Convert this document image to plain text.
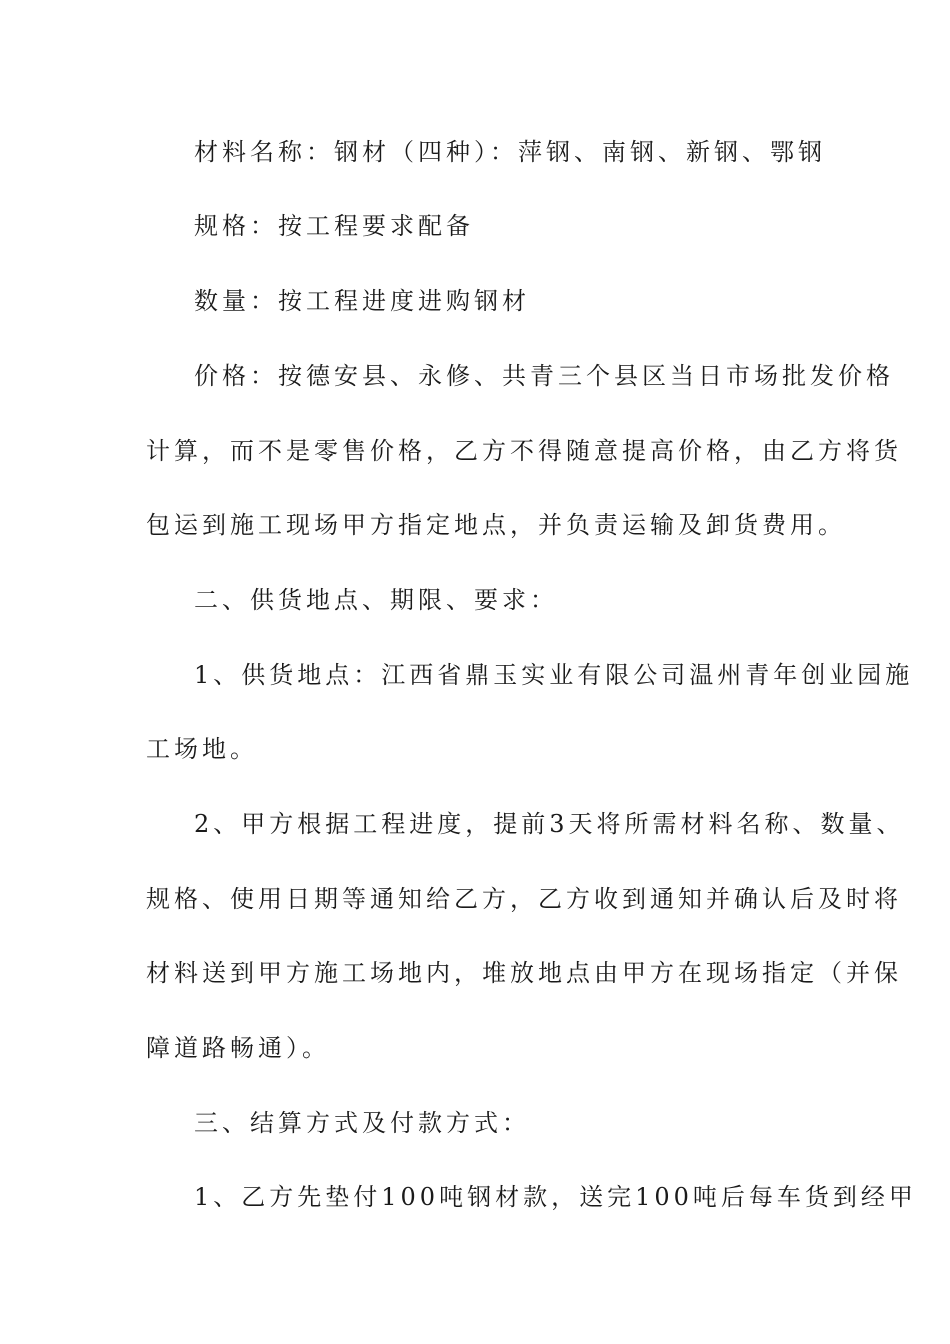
材料名称：钢材（四种）：萍钢、南钢、新钢、鄂钢
规格：按工程要求配备
数量：按工程进度进购钢材
价格：按德安县、永修、共青三个县区当日市场批发价格
计算，而不是零售价格，乙方不得随意提高价格，由乙方将货
包运到施工现场甲方指定地点，并负责运输及卸货费用。
二、供货地点、期限、要求：
1、供货地点：江西省鼎玉实业有限公司温州青年创业园施
工场地。
2、甲方根据工程进度，提前3天将所需材料名称、数量、
规格、使用日期等通知给乙方，乙方收到通知并确认后及时将
材料送到甲方施工场地内，堆放地点由甲方在现场指定（并保
障道路畅通）。
三、结算方式及付款方式：
1、乙方先垫付100吨钢材款，送完100吨后每车货到经甲
